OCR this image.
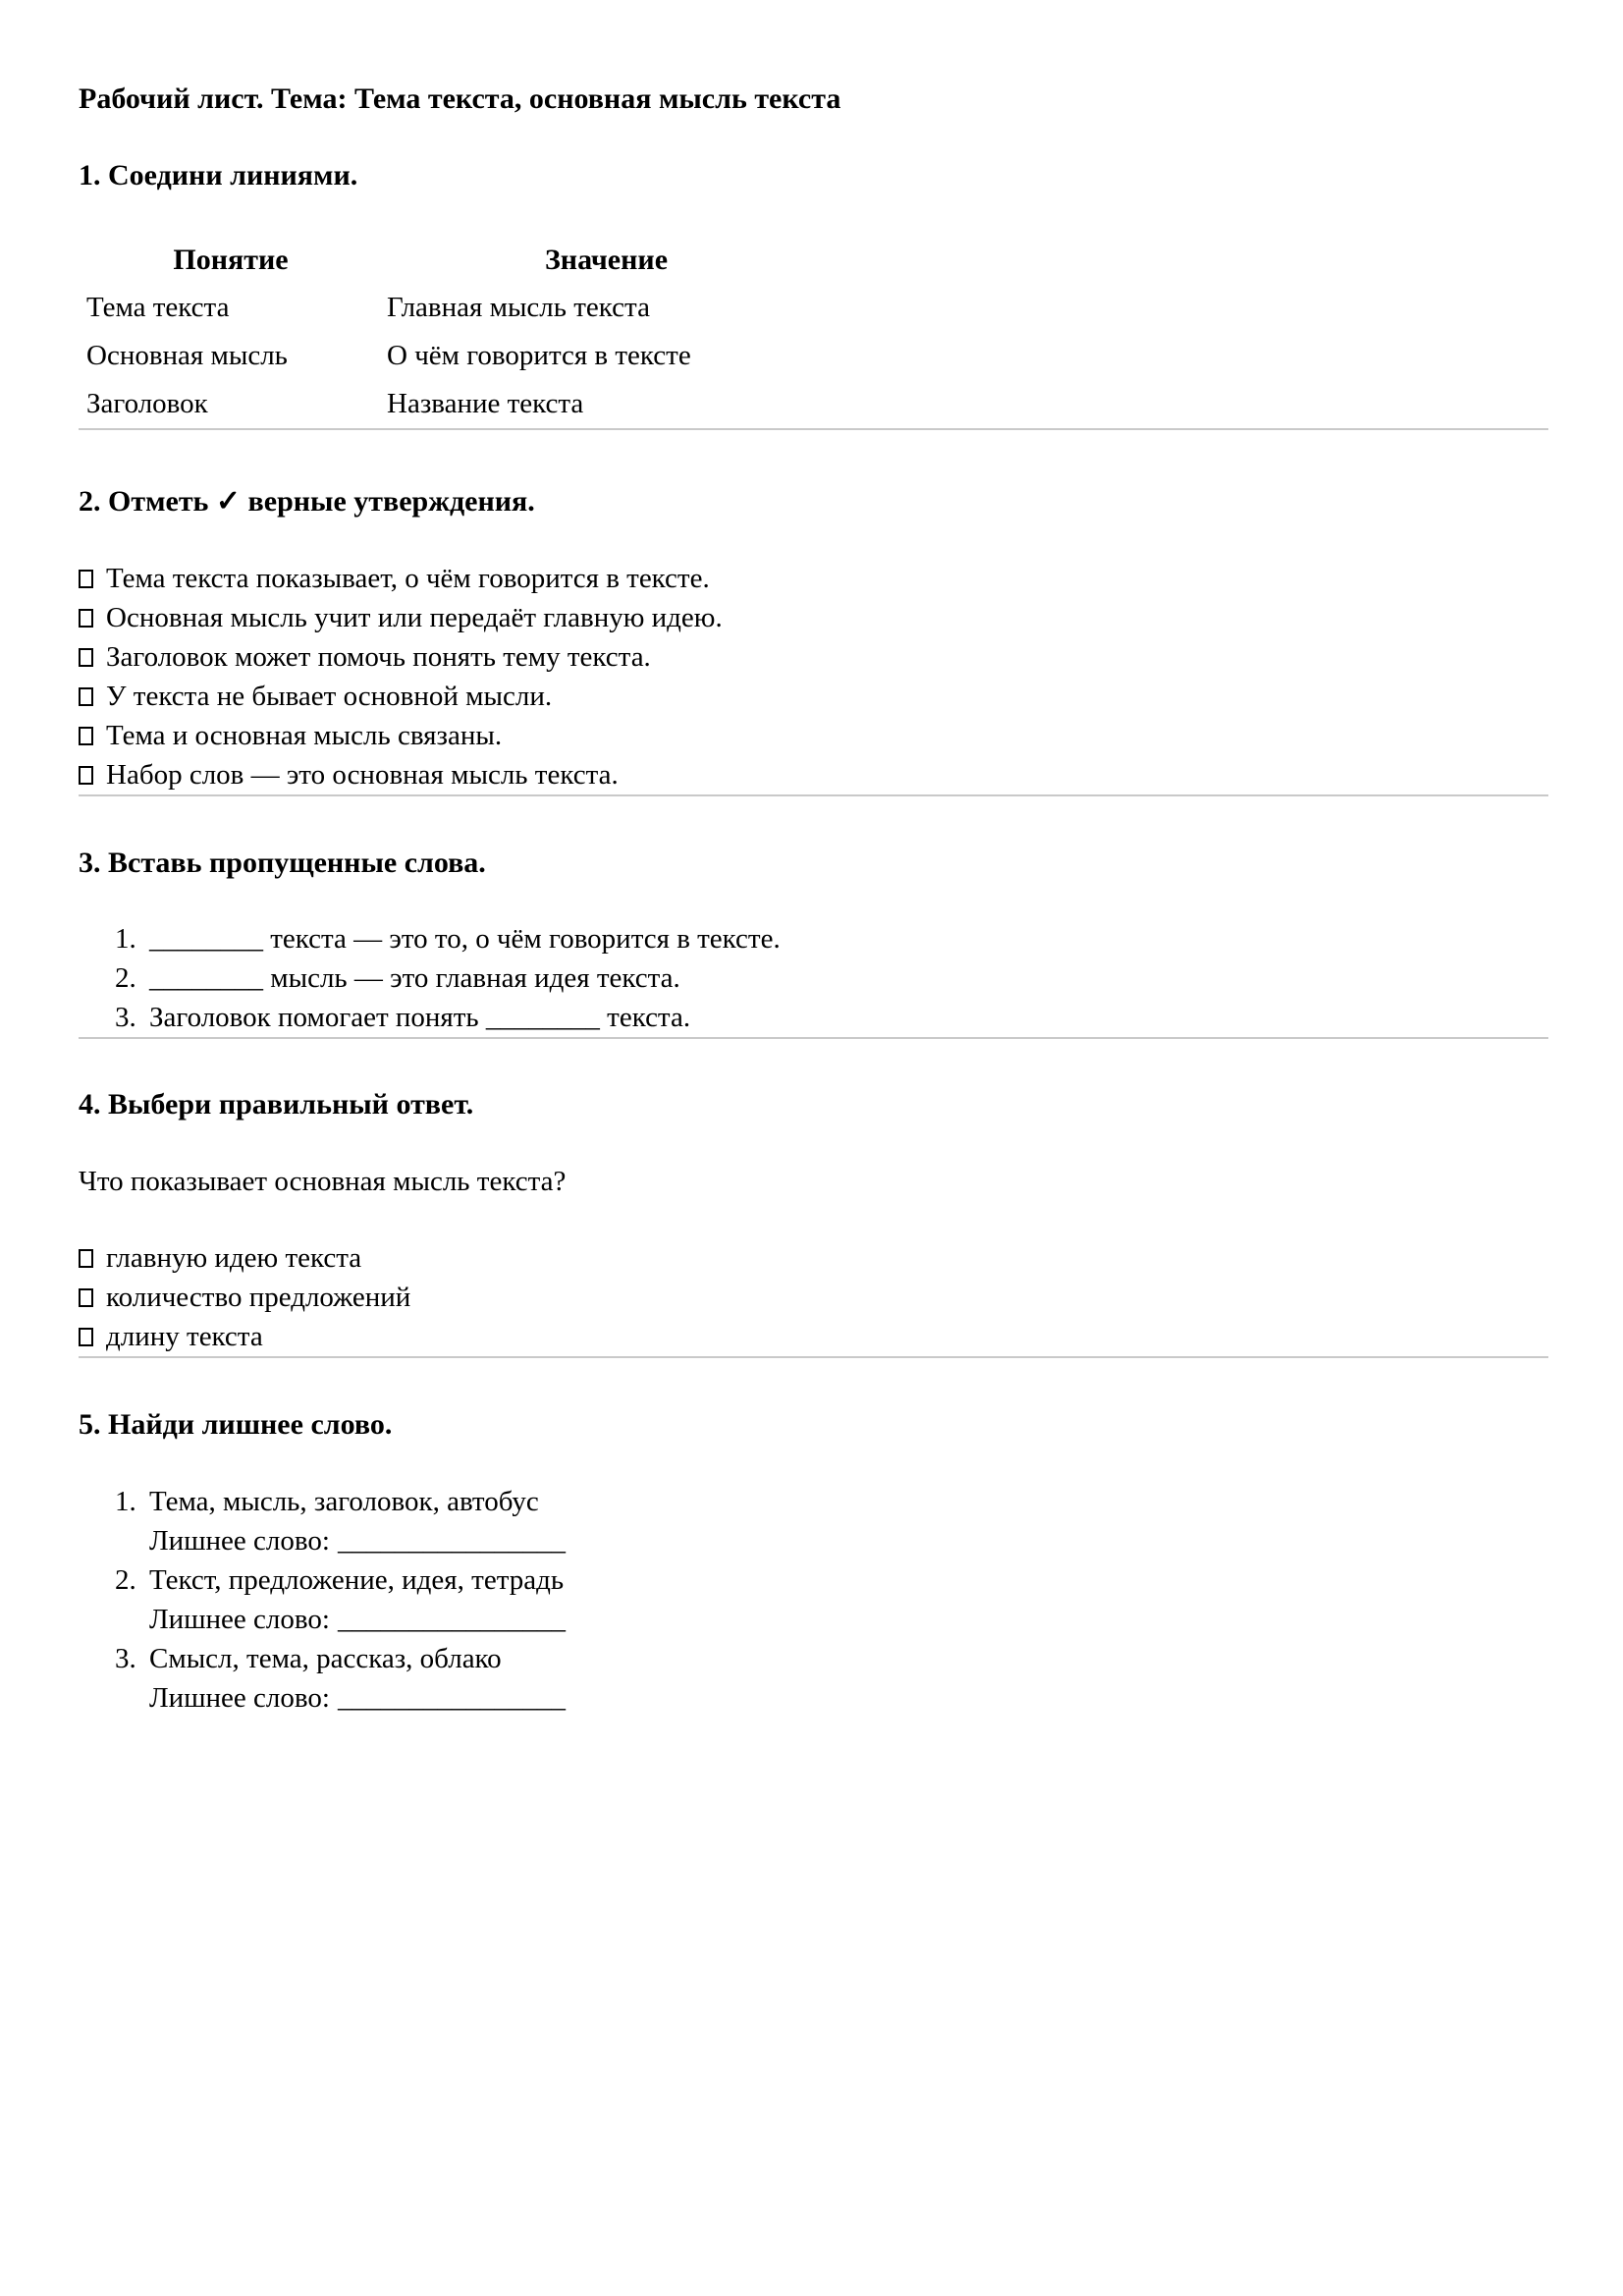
Рабочий лист. Тема: Тема текста, основная мысль текста
1. Соедини линиями.
Понятие	Значение
Тема текста	Главная мысль текста
Основная мысль	О чём говорится в тексте
Заголовок	Название текста
2. Отметь ✓ верные утверждения.
Тема текста показывает, о чём говорится в тексте.
Основная мысль учит или передаёт главную идею.
Заголовок может помочь понять тему текста.
У текста не бывает основной мысли.
Тема и основная мысль связаны.
Набор слов — это основная мысль текста.
3. Вставь пропущенные слова.
1. ________ текста — это то, о чём говорится в тексте.
2. ________ мысль — это главная идея текста.
3. Заголовок помогает понять ________ текста.
4. Выбери правильный ответ.
Что показывает основная мысль текста?
главную идею текста
количество предложений
длину текста
5. Найди лишнее слово.
1. Тема, мысль, заголовок, автобус
Лишнее слово: ________________
2. Текст, предложение, идея, тетрадь
Лишнее слово: ________________
3. Смысл, тема, рассказ, облако
Лишнее слово: ________________
